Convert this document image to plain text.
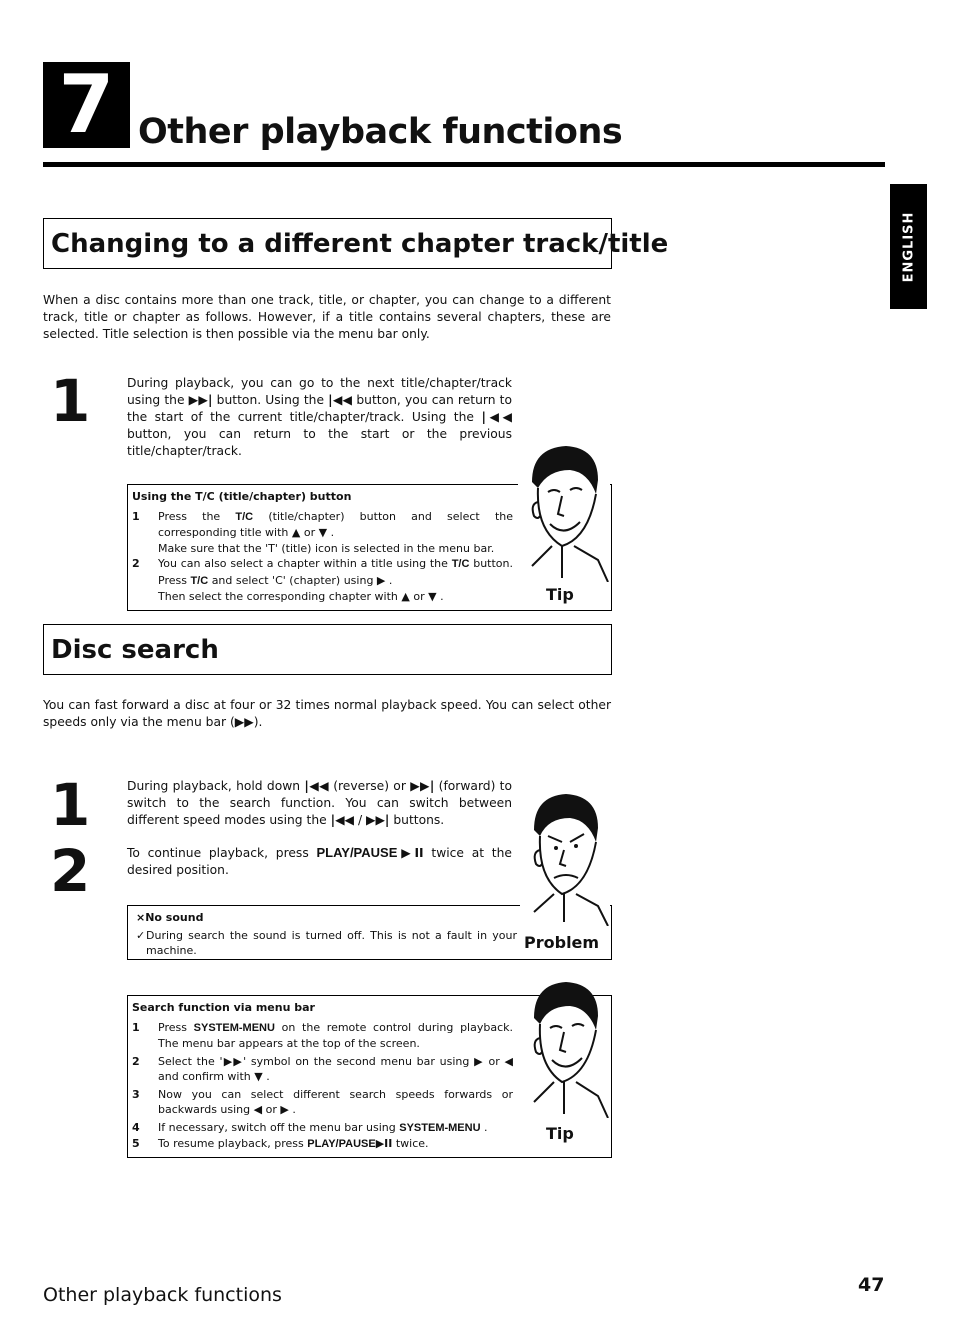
7 Other playback functions
ENGLISH
Changing to a different chapter track/title
When a disc contains more than one track, title, or chapter, you can change to a different track, title or chapter as follows. However, if a title contains several chapters, these are selected. Title selection is then possible via the menu bar only.
1	During playback, you can go to the next title/chapter/track using the ▶▶| button. Using the |◀◀ button, you can return to the start of the current title/chapter/track. Using the |◀◀ button, you can return to the start or the previous title/chapter/track.
Using the T/C (title/chapter) button
1	Press the T/C (title/chapter) button and select the corresponding title with ▲ or ▼ .

Make sure that the 'T' (title) icon is selected in the menu bar.

2	You can also select a chapter within a title using the T/C button. Press T/C and select 'C' (chapter) using ▶ .

Then select the corresponding chapter with ▲ or ▼ .	Tip
Disc search
You can fast forward a disc at four or 32 times normal playback speed. You can select other speeds only via the menu bar (▶▶).
1	During playback, hold down |◀◀ (reverse) or ▶▶| (forward) to switch to the search function. You can switch between different speed modes using the |◀◀ / ▶▶| buttons.
2	To continue playback, press PLAY/PAUSE▶II twice at the desired position.
×No sound
✓ During search the sound is turned off. This is not a fault in your machine.	Problem
Search function via menu bar
1	Press SYSTEM-MENU on the remote control during playback. The menu bar appears at the top of the screen.
2	Select the '▶▶' symbol on the second menu bar using ▶ or ◀ and confirm with ▼ .
3	Now you can select different search speeds forwards or backwards using ◀ or ▶ .
4	If necessary, switch off the menu bar using SYSTEM-MENU .
5	To resume playback, press PLAY/PAUSE▶II twice.
Tip
Other playback functions	47
